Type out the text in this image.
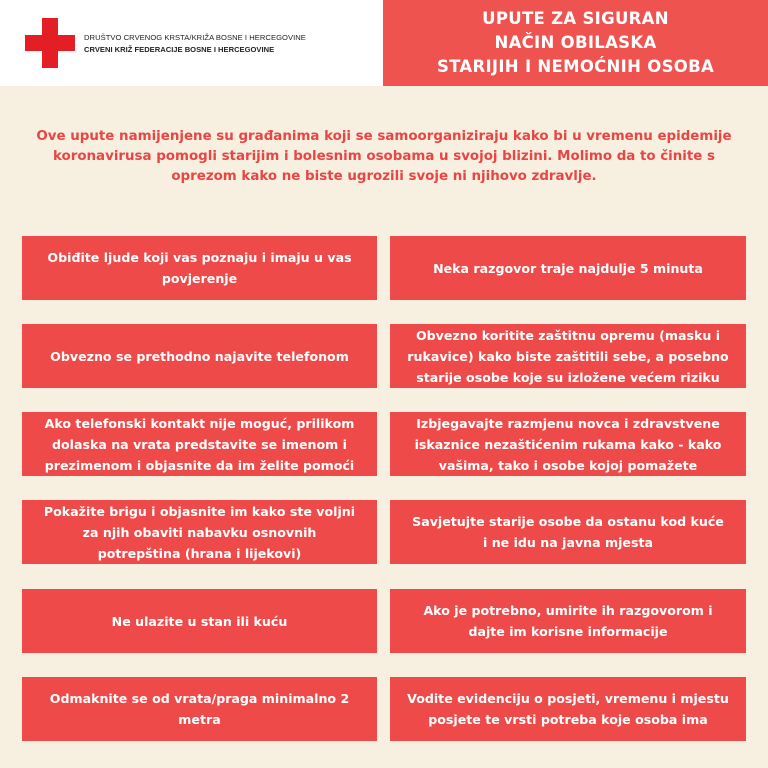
DRUŠTVO CRVENOG KRSTA/KRIŽA BOSNE I HERCEGOVINE
CRVENI KRIŽ FEDERACIJE BOSNE I HERCEGOVINE
UPUTE ZA SIGURAN
NAČIN OBILASKA
STARIJIH I NEMOĆNIH OSOBA
Ove upute namijenjene su građanima koji se samoorganiziraju kako bi u vremenu epidemije koronavirusa pomogli starijim i bolesnim osobama u svojoj blizini. Molimo da to činite s oprezom kako ne biste ugrozili svoje ni njihovo zdravlje.
Obiđite ljude koji vas poznaju i imaju u vas povjerenje
Neka razgovor traje najdulje 5 minuta
Obvezno se prethodno najavite telefonom
Obvezno koritite zaštitnu opremu (masku i rukavice) kako biste zaštitili sebe, a posebno starije osobe koje su izložene većem riziku
Ako telefonski kontakt nije moguć, prilikom dolaska na vrata predstavite se imenom i prezimenom i objasnite da im želite pomoći
Izbjegavajte razmjenu novca i zdravstvene iskaznice nezaštićenim rukama kako - kako vašima, tako i osobe kojoj pomažete
Pokažite brigu i objasnite im kako ste voljni za njih obaviti nabavku osnovnih potrepština (hrana i lijekovi)
Savjetujte starije osobe da ostanu kod kuće i ne idu na javna mjesta
Ne ulazite u stan ili kuću
Ako je potrebno, umirite ih razgovorom i dajte im korisne informacije
Odmaknite se od vrata/praga minimalno 2 metra
Vodite evidenciju o posjeti, vremenu i mjestu posjete te vrsti potreba koje osoba ima
